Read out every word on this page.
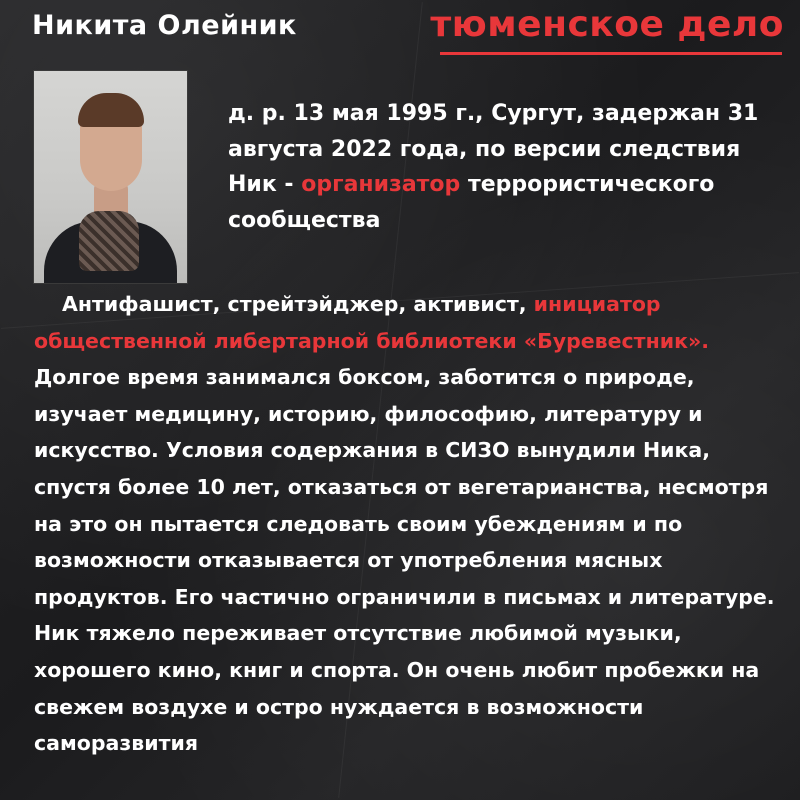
Никита Олейник	тюменское дело
д. р. 13 мая 1995 г., Сургут, задержан 31 августа 2022 года, по версии следствия Ник - организатор террористического сообщества

Антифашист, стрейтэйджер, активист, инициатор общественной либертарной библиотеки «Буревестник». Долгое время занимался боксом, заботится о природе, изучает медицину, историю, философию, литературу и искусство. Условия содержания в СИЗО вынудили Ника, спустя более 10 лет, отказаться от вегетарианства, несмотря на это он пытается следовать своим убеждениям и по возможности отказывается от употребления мясных продуктов. Его частично ограничили в письмах и литературе. Ник тяжело переживает отсутствие любимой музыки, хорошего кино, книг и спорта. Он очень любит пробежки на свежем воздухе и остро нуждается в возможности саморазвития
